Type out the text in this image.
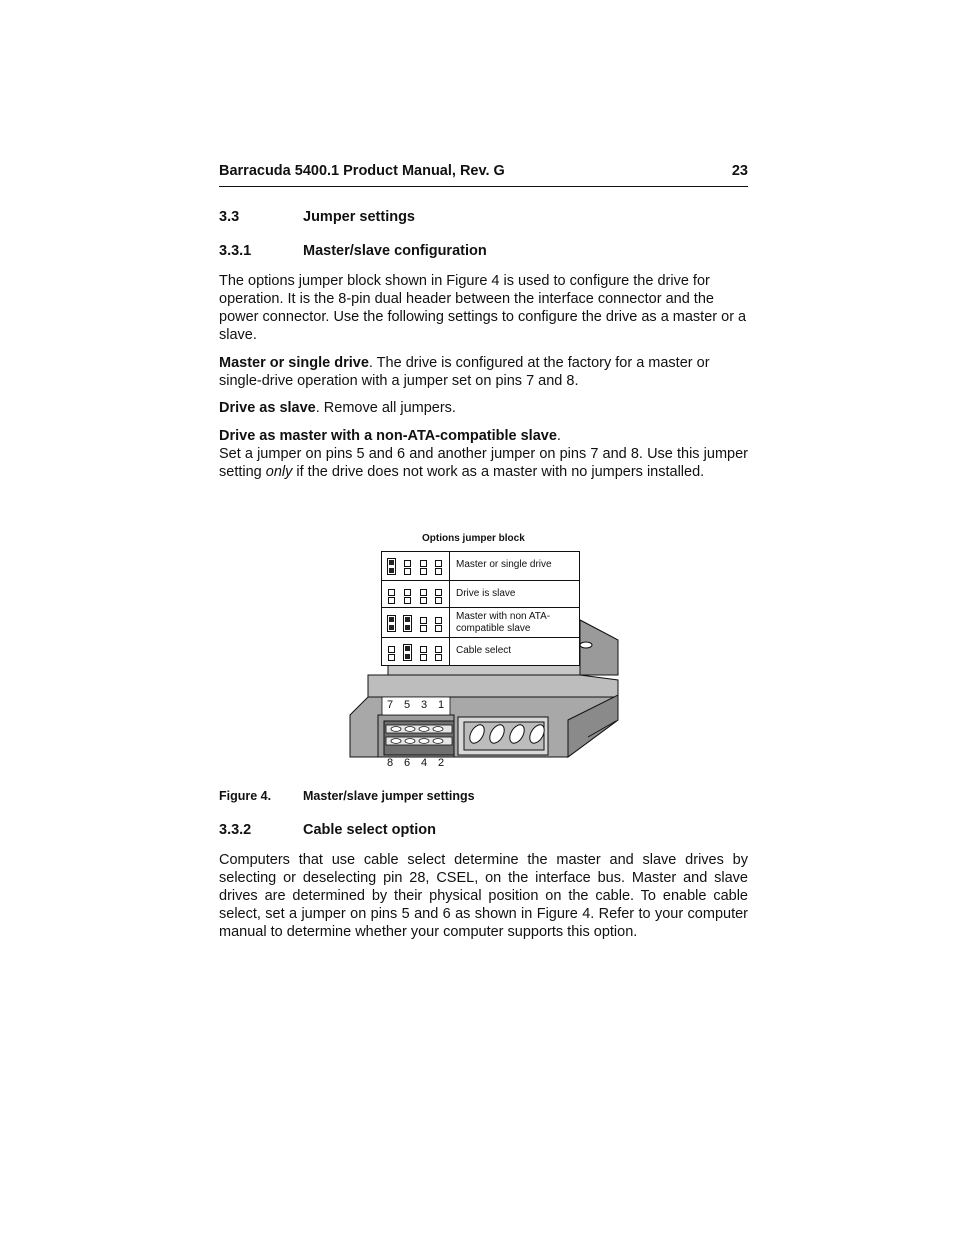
Barracuda 5400.1 Product Manual, Rev. G	23
3.3	Jumper settings
3.3.1	Master/slave configuration

The options jumper block shown in Figure 4 is used to configure the drive for operation. It is the 8-pin dual header between the interface connector and the power connector. Use the following settings to configure the drive as a master or a slave.

Master or single drive. The drive is configured at the factory for a master or single-drive operation with a jumper set on pins 7 and 8.

Drive as slave. Remove all jumpers.

Drive as master with a non-ATA-compatible slave.

Set a jumper on pins 5 and 6 and another jumper on pins 7 and 8. Use this jumper setting only if the drive does not work as a master with no jumpers installed.

Figure 4.	Master/slave jumper settings
3.3.2	Cable select option

Computers that use cable select determine the master and slave drives by selecting or deselecting pin 28, CSEL, on the interface bus. Master and slave drives are determined by their physical position on the cable. To enable cable select, set a jumper on pins 5 and 6 as shown in Figure 4. Refer to your computer manual to determine whether your computer supports this option.

Options jumper block
Master or single drive
Drive is slave
Master with non ATA-
compatible slave
Cable select
7 5 3 1
8 6 4 2
